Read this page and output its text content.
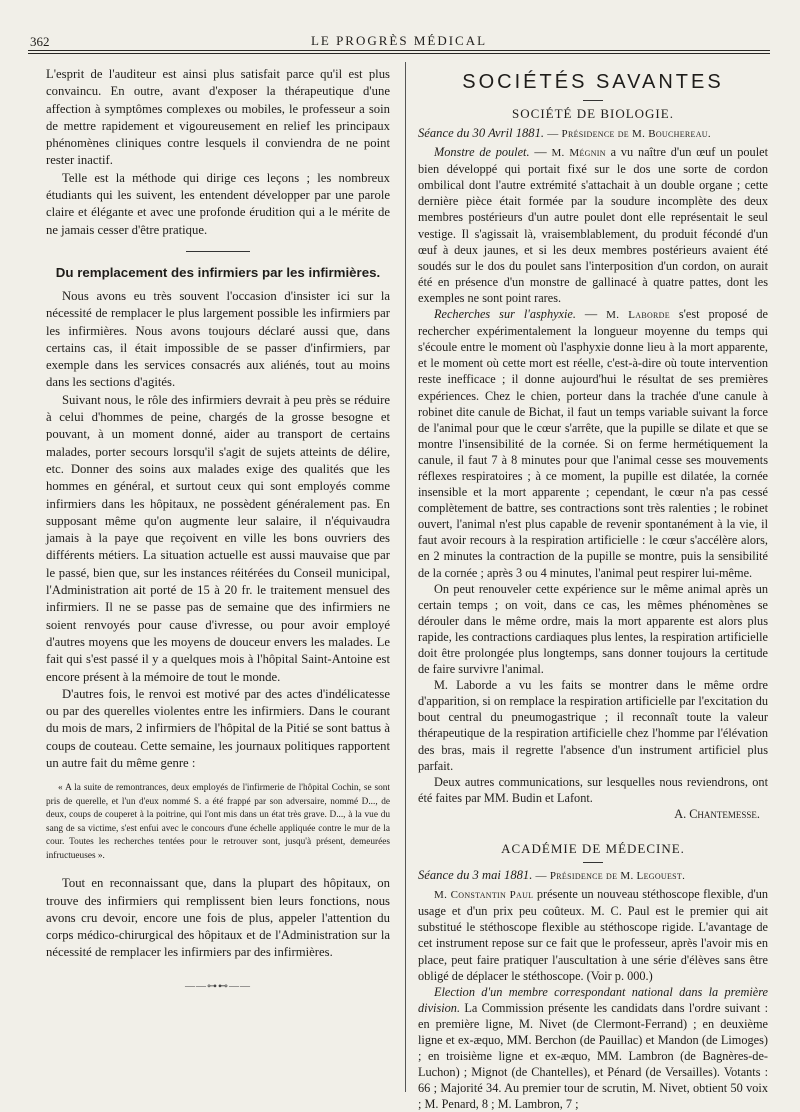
362	LE PROGRÈS MÉDICAL

L'esprit de l'auditeur est ainsi plus satisfait parce qu'il est plus convaincu. En outre, avant d'exposer la thérapeutique d'une affection à symptômes complexes ou mobiles, le professeur a soin de mettre rapidement et vigoureusement en relief les principaux phénomènes cliniques contre lesquels il conviendra de ne point rester inactif.

Telle est la méthode qui dirige ces leçons ; les nombreux étudiants qui les suivent, les entendent développer par une parole claire et élégante et avec une profonde érudition qui a le mérite de ne jamais cesser d'être pratique.

Du remplacement des infirmiers par les infirmières.

Nous avons eu très souvent l'occasion d'insister ici sur la nécessité de remplacer le plus largement possible les infirmiers par les infirmières. Nous avons toujours déclaré aussi que, dans certains cas, il était impossible de se passer d'infirmiers, par exemple dans les services consacrés aux aliénés, tout au moins dans les sections d'agités.

Suivant nous, le rôle des infirmiers devrait à peu près se réduire à celui d'hommes de peine, chargés de la grosse besogne et pouvant, à un moment donné, aider au transport de certains malades, porter secours lorsqu'il s'agit de sujets atteints de délire, etc. Donner des soins aux malades exige des qualités que les hommes en général, et surtout ceux qui sont employés comme infirmiers dans les hôpitaux, ne possèdent généralement pas. En supposant même qu'on augmente leur salaire, il n'équivaudra jamais à la paye que reçoivent en ville les bons ouvriers des différents métiers. La situation actuelle est aussi mauvaise que par le passé, bien que, sur les instances réitérées du Conseil municipal, l'Administration ait porté de 15 à 20 fr. le traitement mensuel des infirmiers. Il ne se passe pas de semaine que des infirmiers ne soient renvoyés pour cause d'ivresse, ou pour avoir employé d'autres moyens que les moyens de douceur envers les malades. Le fait qui s'est passé il y a quelques mois à l'hôpital Saint-Antoine est encore présent à la mémoire de tout le monde.

D'autres fois, le renvoi est motivé par des actes d'indélicatesse ou par des querelles violentes entre les infirmiers. Dans le courant du mois de mars, 2 infirmiers de l'hôpital de la Pitié se sont battus à coups de couteau. Cette semaine, les journaux politiques rapportent un autre fait du même genre :

« A la suite de remontrances, deux employés de l'infirmerie de l'hôpital Cochin, se sont pris de querelle, et l'un d'eux nommé S. a été frappé par son adversaire, nommé D..., de deux, coups de couperet à la poitrine, qui l'ont mis dans un état très grave. D..., à la vue du sang de sa victime, s'est enfui avec le concours d'une échelle appliquée contre le mur de la cour. Toutes les recherches tentées pour le retrouver sont, jusqu'à présent, demeurées infructueuses ».

Tout en reconnaissant que, dans la plupart des hôpitaux, on trouve des infirmiers qui remplissent bien leurs fonctions, nous avons cru devoir, encore une fois de plus, appeler l'attention du corps médico-chirurgical des hôpitaux et de l'Administration sur la nécessité de remplacer les infirmiers par des infirmières.

——⊶⊷——
SOCIÉTÉS SAVANTES
SOCIÉTÉ DE BIOLOGIE.

Séance du 30 Avril 1881. — Présidence de M. Bouchereau.

Monstre de poulet. — M. Mégnin a vu naître d'un œuf un poulet bien développé qui portait fixé sur le dos une sorte de cordon ombilical dont l'autre extrémité s'attachait à un double organe ; cette dernière pièce était formée par la soudure incomplète des deux membres postérieurs d'un autre poulet dont elle représentait le seul vestige. Il s'agissait là, vraisemblablement, du produit fécondé d'un œuf à deux jaunes, et si les deux membres postérieurs avaient été soudés sur le dos du poulet sans l'interposition d'un cordon, on aurait été en présence d'un monstre de gallinacé à quatre pattes, dont les exemples ne sont point rares.

Recherches sur l'asphyxie. — M. Laborde s'est proposé de rechercher expérimentalement la longueur moyenne du temps qui s'écoule entre le moment où l'asphyxie donne lieu à la mort apparente, et le moment où cette mort est réelle, c'est-à-dire où toute intervention reste inefficace ; il donne aujourd'hui le résultat de ses premières expériences. Chez le chien, porteur dans la trachée d'une canule à robinet dite canule de Bichat, il faut un temps variable suivant la force de l'animal pour que le cœur s'arrête, que la pupille se dilate et que se montre l'insensibilité de la cornée. Si on ferme hermétiquement la canule, il faut 7 à 8 minutes pour que l'animal cesse ses mouvements réflexes respiratoires ; à ce moment, la pupille est dilatée, la cornée insensible et la mort apparente ; cependant, le cœur n'a pas cessé complètement de battre, ses contractions sont très ralenties ; le robinet ouvert, l'animal n'est plus capable de revenir spontanément à la vie, il faut avoir recours à la respiration artificielle : le cœur s'accélère alors, en 2 minutes la contraction de la pupille se montre, puis la sensibilité de la cornée ; après 3 ou 4 minutes, l'animal peut respirer lui-même.

On peut renouveler cette expérience sur le même animal après un certain temps ; on voit, dans ce cas, les mêmes phénomènes se dérouler dans le même ordre, mais la mort apparente est alors plus rapide, les contractions cardiaques plus lentes, la respiration artificielle doit être prolongée plus longtemps, sans donner toujours la certitude de faire survivre l'animal.

M. Laborde a vu les faits se montrer dans le même ordre d'apparition, si on remplace la respiration artificielle par l'excitation du bout central du pneumogastrique ; il reconnaît toute la valeur thérapeutique de la respiration artificielle chez l'homme par l'élévation des bras, mais il regrette l'absence d'un instrument artificiel plus parfait.

Deux autres communications, sur lesquelles nous reviendrons, ont été faites par MM. Budin et Lafont.

A. Chantemesse.
ACADÉMIE DE MÉDECINE.

Séance du 3 mai 1881. — Présidence de M. Legouest.

M. Constantin Paul présente un nouveau stéthoscope flexible, d'un usage et d'un prix peu coûteux. M. C. Paul est le premier qui ait substitué le stéthoscope flexible au stéthoscope rigide. L'avantage de cet instrument repose sur ce fait que le professeur, après l'avoir mis en place, peut faire pratiquer l'auscultation à une série d'élèves sans être obligé de déplacer le stéthoscope. (Voir p. 000.)

Election d'un membre correspondant national dans la première division. La Commission présente les candidats dans l'ordre suivant : en première ligne, M. Nivet (de Clermont-Ferrand) ; en deuxième ligne et ex-æquo, MM. Berchon (de Pauillac) et Mandon (de Limoges) ; en troisième ligne et ex-æquo, MM. Lambron (de Bagnères-de-Luchon) ; Mignot (de Chantelles), et Pénard (de Versailles). Votants : 66 ; Majorité 34. Au premier tour de scrutin, M. Nivet, obtient 50 voix ; M. Penard, 8 ; M. Lambron, 7 ;
